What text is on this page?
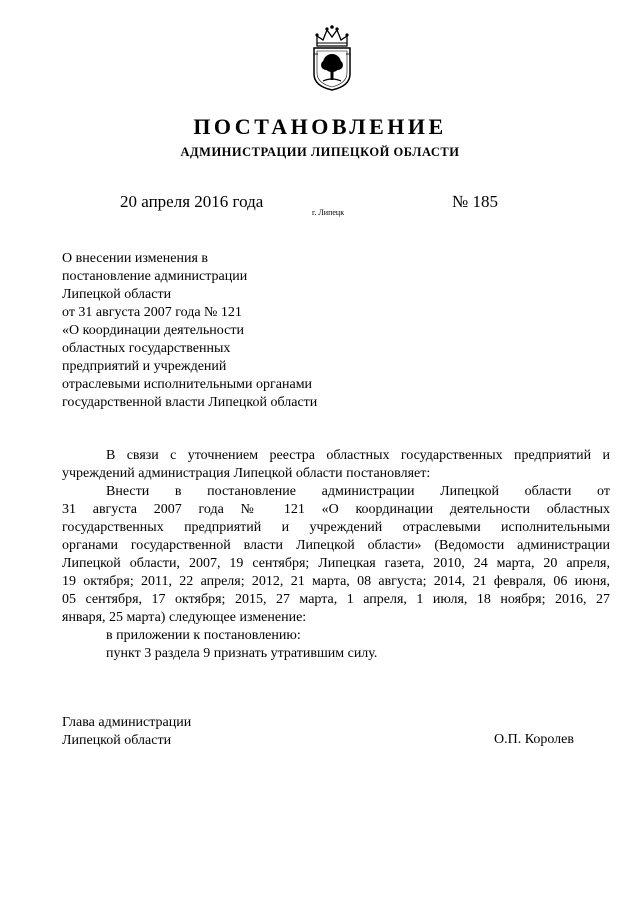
ПОСТАНОВЛЕНИЕ
АДМИНИСТРАЦИИ ЛИПЕЦКОЙ ОБЛАСТИ
20 апреля 2016 года
г. Липецк
№ 185
О внесении изменения в
постановление администрации
Липецкой области
от 31 августа 2007 года № 121
«О координации деятельности
областных государственных
предприятий и учреждений
отраслевыми исполнительными органами
государственной власти Липецкой области
В связи с уточнением реестра областных государственных предприятий и
учреждений администрация Липецкой области постановляет:
Внести в постановление администрации Липецкой области от
31 августа 2007 года № 121 «О координации деятельности областных
государственных предприятий и учреждений отраслевыми исполнительными
органами государственной власти Липецкой области» (Ведомости администрации
Липецкой области, 2007, 19 сентября; Липецкая газета, 2010, 24 марта, 20 апреля,
19 октября; 2011, 22 апреля; 2012, 21 марта, 08 августа; 2014, 21 февраля, 06 июня,
05 сентября, 17 октября; 2015, 27 марта, 1 апреля, 1 июля, 18 ноября; 2016, 27
января, 25 марта) следующее изменение:
в приложении к постановлению:
пункт 3 раздела 9 признать утратившим силу.
Глава администрации
Липецкой области	О.П. Королев
